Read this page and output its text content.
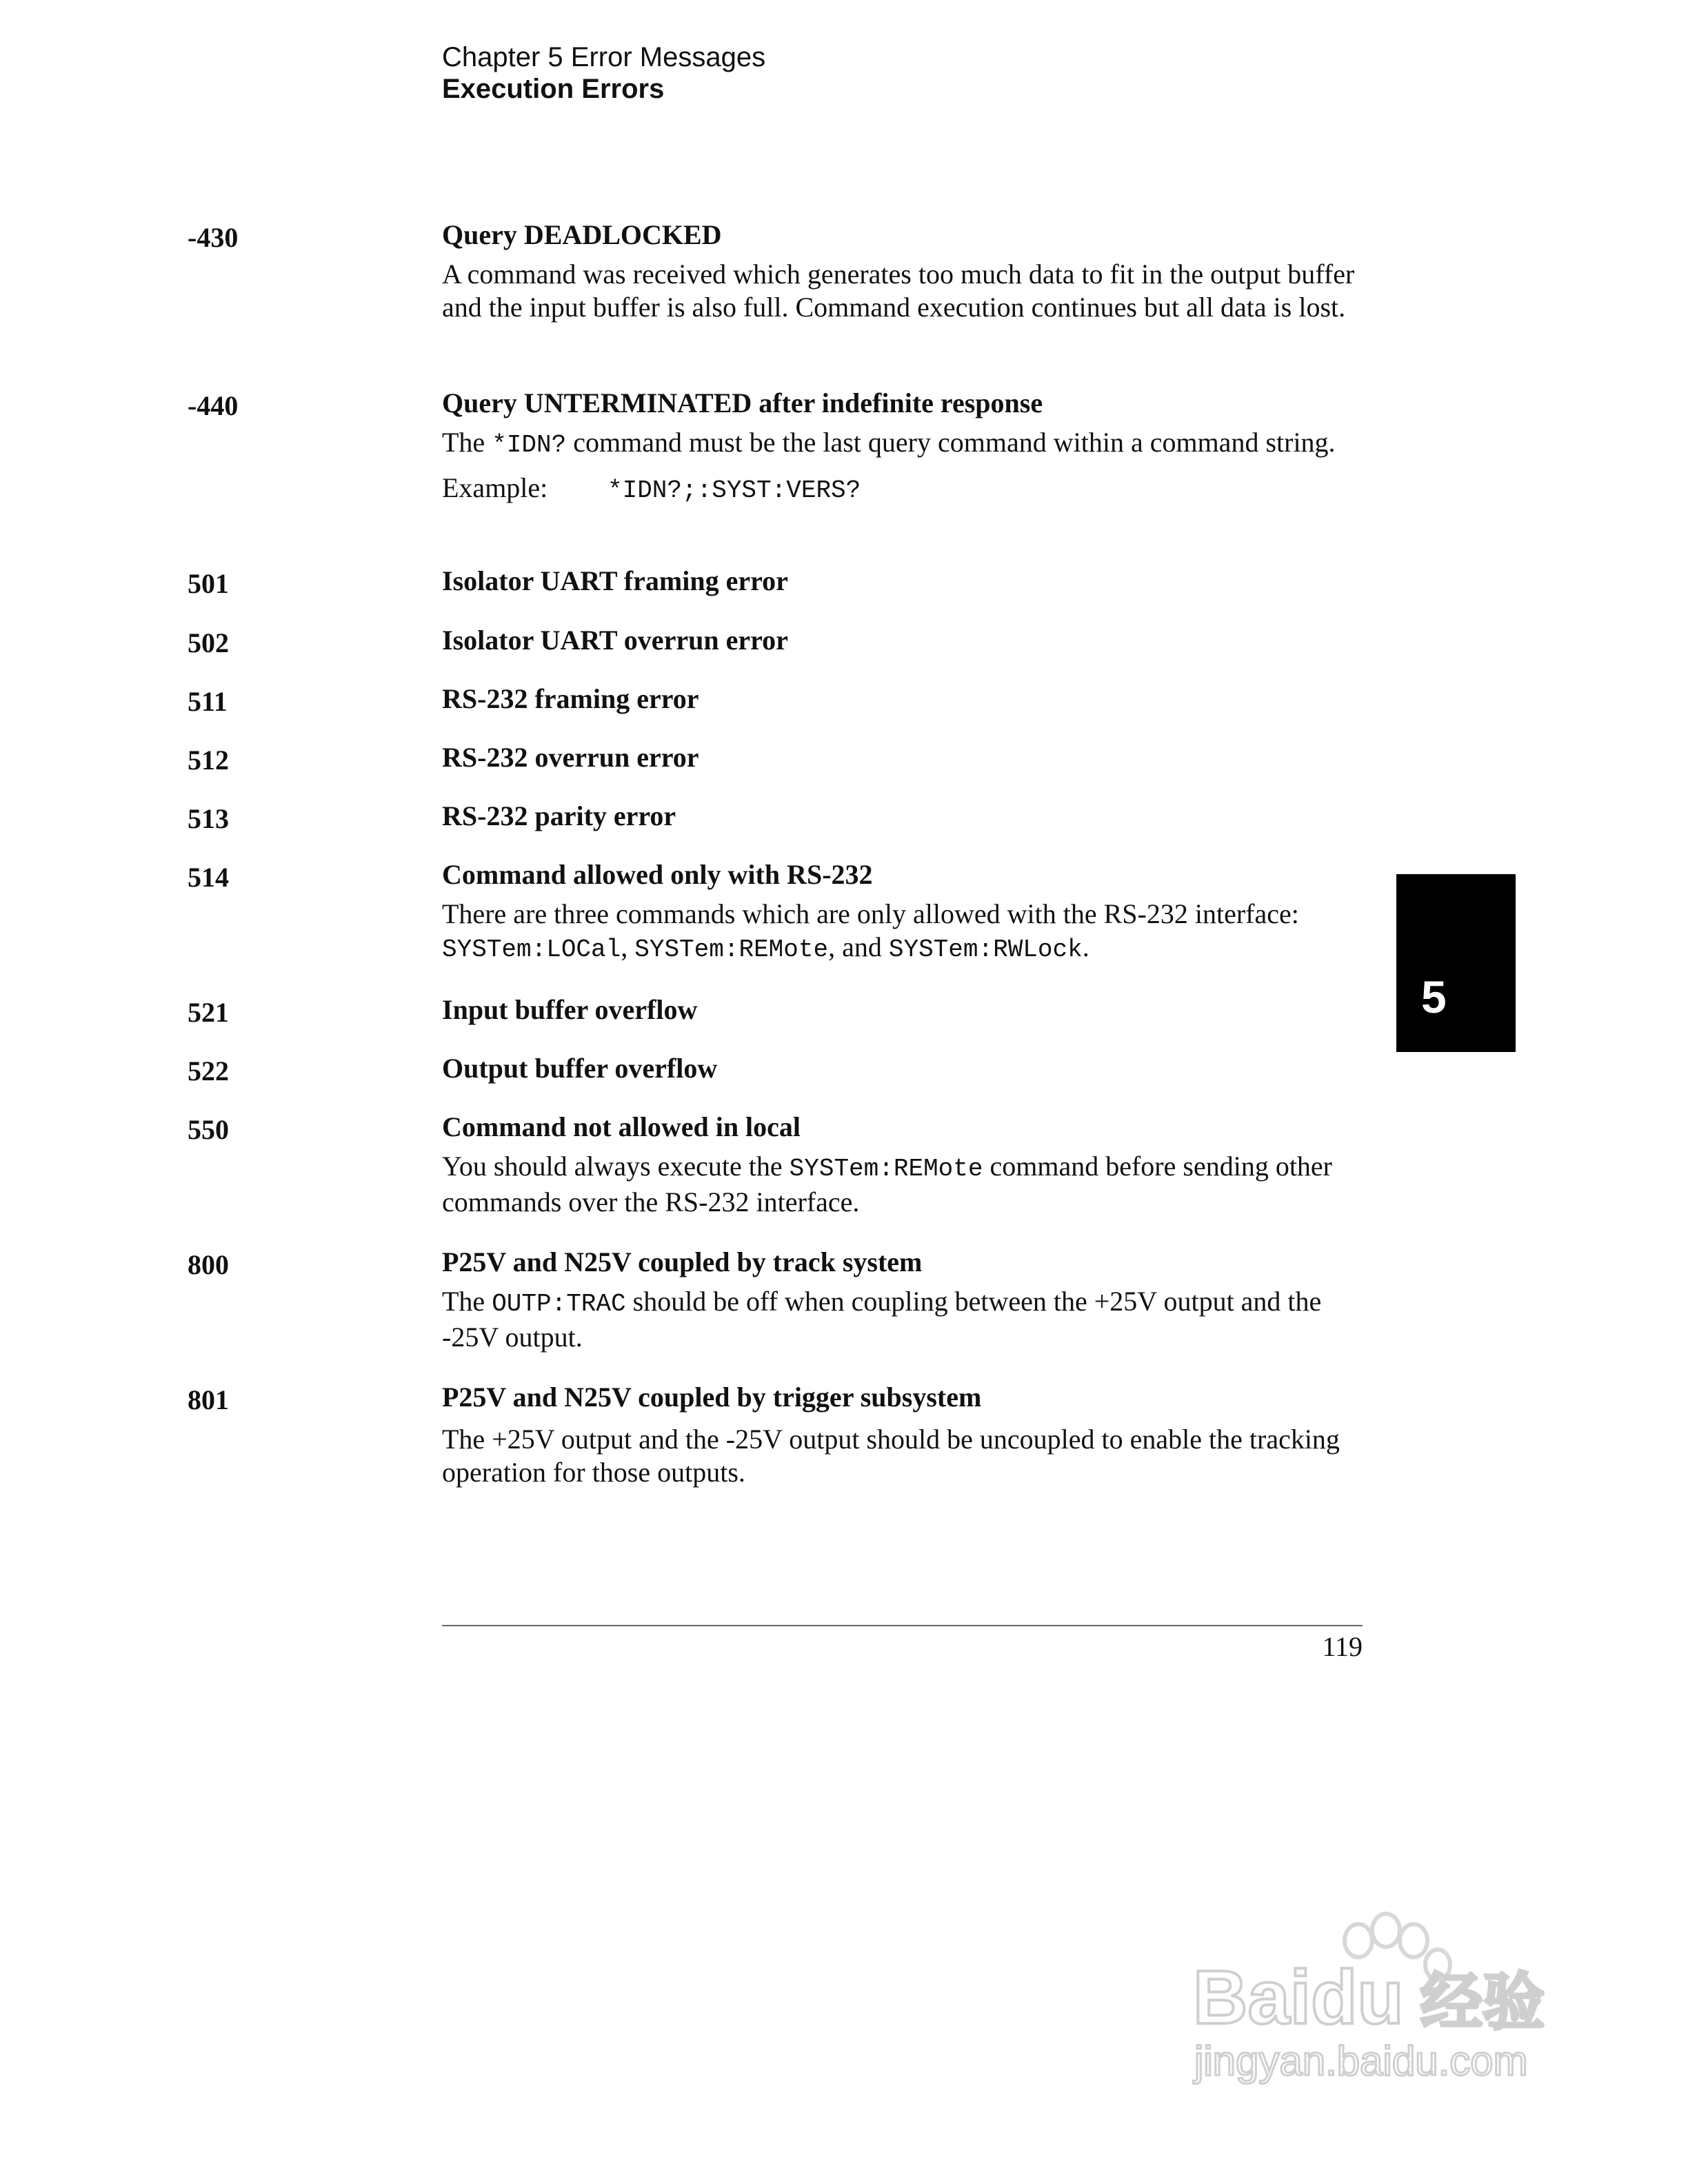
Chapter 5 Error Messages
Execution Errors
-430	Query DEADLOCKED

A command was received which generates too much data to fit in the output buffer and the input buffer is also full. Command execution continues but all data is lost.

-440	Query UNTERMINATED after indefinite response

The *IDN? command must be the last query command within a command string.

Example: *IDN?;:SYST:VERS?

501	Isolator UART framing error

502	Isolator UART overrun error

511	RS-232 framing error

512	RS-232 overrun error

513	RS-232 parity error

514	Command allowed only with RS-232

There are three commands which are only allowed with the RS-232 interface: SYSTem:LOCal, SYSTem:REMote, and SYSTem:RWLock.

521	Input buffer overflow

522	Output buffer overflow

550	Command not allowed in local

You should always execute the SYSTem:REMote command before sending other commands over the RS-232 interface.

800	P25V and N25V coupled by track system

The OUTP:TRAC should be off when coupling between the +25V output and the -25V output.

801	P25V and N25V coupled by trigger subsystem

The +25V output and the -25V output should be uncoupled to enable the tracking operation for those outputs.

5
119
Baidu 经验
jingyan.baidu.com
